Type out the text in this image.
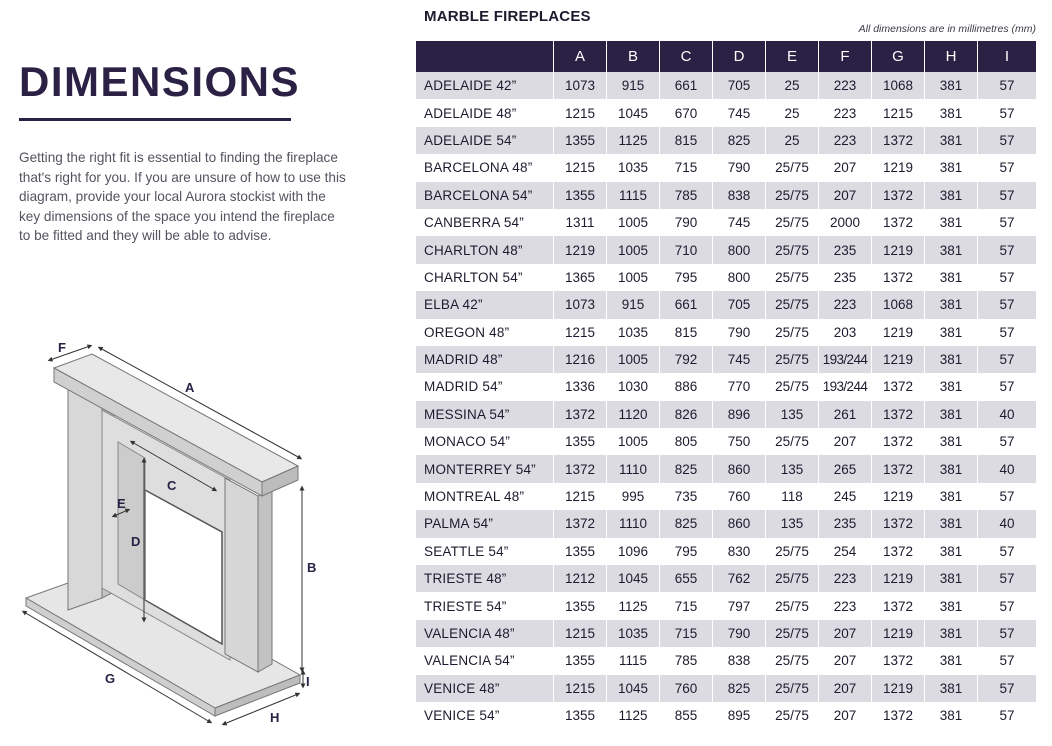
DIMENSIONS

Getting the right fit is essential to finding the fireplace that's right for you. If you are unsure of how to use this diagram, provide your local Aurora stockist with the key dimensions of the space you intend the fireplace to be fitted and they will be able to advise.

F
A
C
E
D
B
G	I
H
MARBLE FIREPLACES

All dimensions are in millimetres (mm)

	A	B	C	D	E	F	G	H	I
ADELAIDE 42”	1073	915	661	705	25	223	1068	381	57
ADELAIDE 48”	1215	1045	670	745	25	223	1215	381	57
ADELAIDE 54”	1355	1125	815	825	25	223	1372	381	57
BARCELONA 48”	1215	1035	715	790	25/75	207	1219	381	57
BARCELONA 54”	1355	1115	785	838	25/75	207	1372	381	57
CANBERRA 54”	1311	1005	790	745	25/75	2000	1372	381	57
CHARLTON 48”	1219	1005	710	800	25/75	235	1219	381	57
CHARLTON 54”	1365	1005	795	800	25/75	235	1372	381	57
ELBA 42”	1073	915	661	705	25/75	223	1068	381	57
OREGON 48”	1215	1035	815	790	25/75	203	1219	381	57
MADRID 48”	1216	1005	792	745	25/75	193/244	1219	381	57
MADRID 54”	1336	1030	886	770	25/75	193/244	1372	381	57
MESSINA 54”	1372	1120	826	896	135	261	1372	381	40
MONACO 54”	1355	1005	805	750	25/75	207	1372	381	57
MONTERREY 54”	1372	1110	825	860	135	265	1372	381	40
MONTREAL 48”	1215	995	735	760	118	245	1219	381	57
PALMA 54”	1372	1110	825	860	135	235	1372	381	40
SEATTLE 54”	1355	1096	795	830	25/75	254	1372	381	57
TRIESTE 48”	1212	1045	655	762	25/75	223	1219	381	57
TRIESTE 54”	1355	1125	715	797	25/75	223	1372	381	57
VALENCIA 48”	1215	1035	715	790	25/75	207	1219	381	57
VALENCIA 54”	1355	1115	785	838	25/75	207	1372	381	57
VENICE 48”	1215	1045	760	825	25/75	207	1219	381	57
VENICE 54”	1355	1125	855	895	25/75	207	1372	381	57
